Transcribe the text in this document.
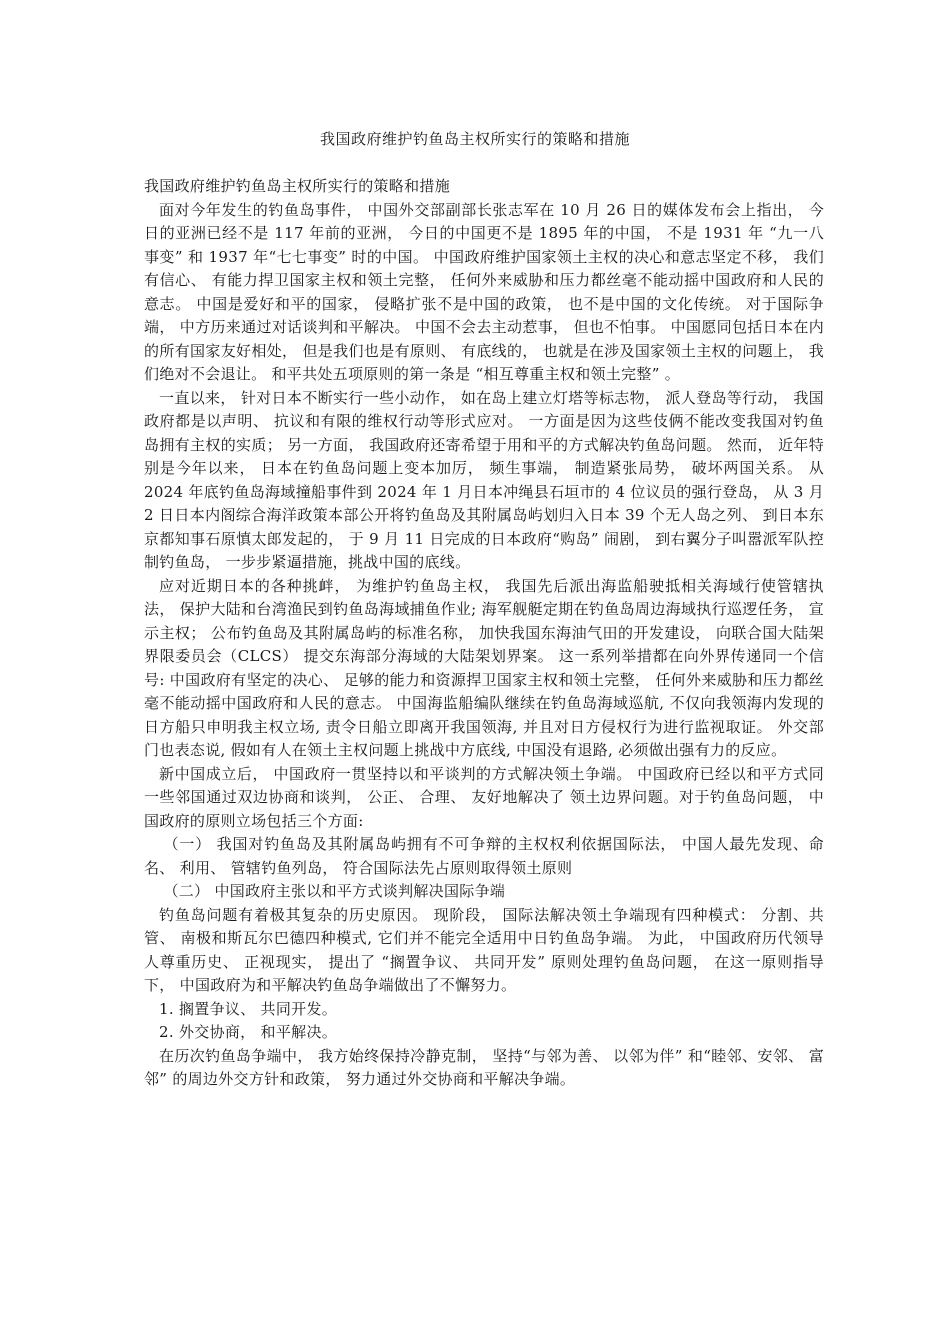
我国政府维护钓鱼岛主权所实行的策略和措施

我国政府维护钓鱼岛主权所实行的策略和措施

面对今年发生的钓鱼岛事件， 中国外交部副部长张志军在 10 月 26 日的媒体发布会上指出， 今日的亚洲已经不是 117 年前的亚洲， 今日的中国更不是 1895 年的中国， 不是 1931 年 “九一八事变” 和 1937 年“七七事变” 时的中国。 中国政府维护国家领土主权的决心和意志坚定不移， 我们有信心、 有能力捍卫国家主权和领土完整， 任何外来威胁和压力都丝毫不能动摇中国政府和人民的意志。 中国是爱好和平的国家， 侵略扩张不是中国的政策， 也不是中国的文化传统。 对于国际争端， 中方历来通过对话谈判和平解决。 中国不会去主动惹事， 但也不怕事。 中国愿同包括日本在内的所有国家友好相处， 但是我们也是有原则、 有底线的， 也就是在涉及国家领土主权的问题上， 我们绝对不会退让。 和平共处五项原则的第一条是 “相互尊重主权和领土完整” 。

一直以来， 针对日本不断实行一些小动作， 如在岛上建立灯塔等标志物， 派人登岛等行动， 我国政府都是以声明、 抗议和有限的维权行动等形式应对。 一方面是因为这些伎俩不能改变我国对钓鱼岛拥有主权的实质； 另一方面， 我国政府还寄希望于用和平的方式解决钓鱼岛问题。 然而， 近年特别是今年以来， 日本在钓鱼岛问题上变本加厉， 频生事端， 制造紧张局势， 破坏两国关系。 从 2024 年底钓鱼岛海域撞船事件到 2024 年 1 月日本冲绳县石垣市的 4 位议员的强行登岛， 从 3 月 2 日日本内阁综合海洋政策本部公开将钓鱼岛及其附属岛屿划归入日本 39 个无人岛之列、 到日本东京都知事石原慎太郎发起的， 于 9 月 11 日完成的日本政府“购岛” 闹剧， 到右翼分子叫嚣派军队控制钓鱼岛， 一步步紧逼措施，挑战中国的底线。

应对近期日本的各种挑衅， 为维护钓鱼岛主权， 我国先后派出海监船驶抵相关海域行使管辖执法， 保护大陆和台湾渔民到钓鱼岛海域捕鱼作业; 海军舰艇定期在钓鱼岛周边海域执行巡逻任务， 宣示主权； 公布钓鱼岛及其附属岛屿的标准名称， 加快我国东海油气田的开发建设， 向联合国大陆架界限委员会（CLCS） 提交东海部分海域的大陆架划界案。 这一系列举措都在向外界传递同一个信号: 中国政府有坚定的决心、 足够的能力和资源捍卫国家主权和领土完整， 任何外来威胁和压力都丝毫不能动摇中国政府和人民的意志。 中国海监船编队继续在钓鱼岛海域巡航, 不仅向我领海内发现的日方船只申明我主权立场, 责令日船立即离开我国领海, 并且对日方侵权行为进行监视取证。 外交部门也表态说, 假如有人在领土主权问题上挑战中方底线, 中国没有退路, 必须做出强有力的反应。

新中国成立后， 中国政府一贯坚持以和平谈判的方式解决领土争端。 中国政府已经以和平方式同一些邻国通过双边协商和谈判， 公正、 合理、 友好地解决了 领土边界问题。对于钓鱼岛问题， 中国政府的原则立场包括三个方面:

（一） 我国对钓鱼岛及其附属岛屿拥有不可争辩的主权权利依据国际法， 中国人最先发现、命名、 利用、 管辖钓鱼列岛， 符合国际法先占原则取得领土原则

（二） 中国政府主张以和平方式谈判解决国际争端

钓鱼岛问题有着极其复杂的历史原因。 现阶段， 国际法解决领土争端现有四种模式： 分割、共管、 南极和斯瓦尔巴德四种模式, 它们并不能完全适用中日钓鱼岛争端。 为此， 中国政府历代领导人尊重历史、 正视现实， 提出了 “搁置争议、 共同开发” 原则处理钓鱼岛问题， 在这一原则指导下， 中国政府为和平解决钓鱼岛争端做出了不懈努力。

1. 搁置争议、 共同开发。

2. 外交协商， 和平解决。

在历次钓鱼岛争端中， 我方始终保持冷静克制， 坚持“与邻为善、 以邻为伴” 和“睦邻、安邻、 富邻” 的周边外交方针和政策， 努力通过外交协商和平解决争端。
